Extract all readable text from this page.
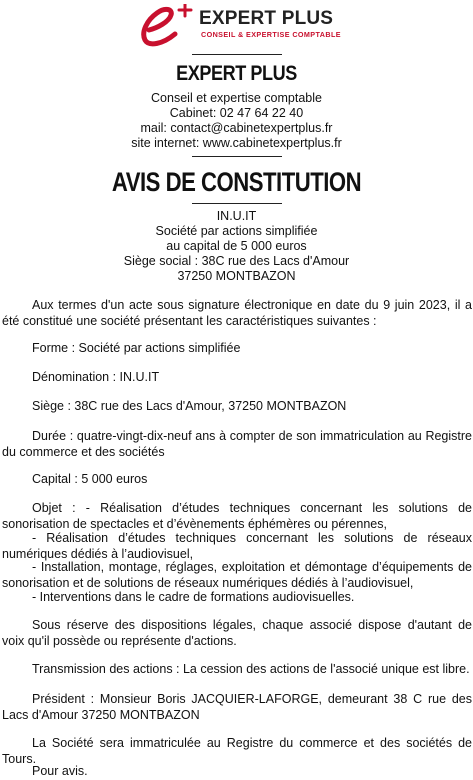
EXPERT PLUS
CONSEIL & EXPERTISE COMPTABLE
EXPERT PLUS
Conseil et expertise comptable
Cabinet: 02 47 64 22 40
mail: contact@cabinetexpertplus.fr
site internet: www.cabinetexpertplus.fr
AVIS DE CONSTITUTION
IN.U.IT
Société par actions simplifiée
au capital de 5 000 euros
Siège social : 38C rue des Lacs d'Amour
37250 MONTBAZON
Aux termes d'un acte sous signature électronique en date du 9 juin 2023, il a été constitué une société présentant les caractéristiques suivantes :
Forme : Société par actions simplifiée
Dénomination : IN.U.IT
Siège : 38C rue des Lacs d'Amour, 37250 MONTBAZON
Durée : quatre-vingt-dix-neuf ans à compter de son immatriculation au Registre du commerce et des sociétés
Capital : 5 000 euros
Objet : - Réalisation d’études techniques concernant les solutions de sonorisation de spectacles et d’évènements éphémères ou pérennes,
- Réalisation d’études techniques concernant les solutions de réseaux numériques dédiés à l’audiovisuel,
- Installation, montage, réglages, exploitation et démontage d’équipements de sonorisation et de solutions de réseaux numériques dédiés à l’audiovisuel,
- Interventions dans le cadre de formations audiovisuelles.
Sous réserve des dispositions légales, chaque associé dispose d'autant de voix qu'il possède ou représente d'actions.
Transmission des actions : La cession des actions de l'associé unique est libre.
Président : Monsieur Boris JACQUIER-LAFORGE, demeurant 38 C rue des Lacs d'Amour 37250 MONTBAZON
La Société sera immatriculée au Registre du commerce et des sociétés de Tours.
Pour avis.
